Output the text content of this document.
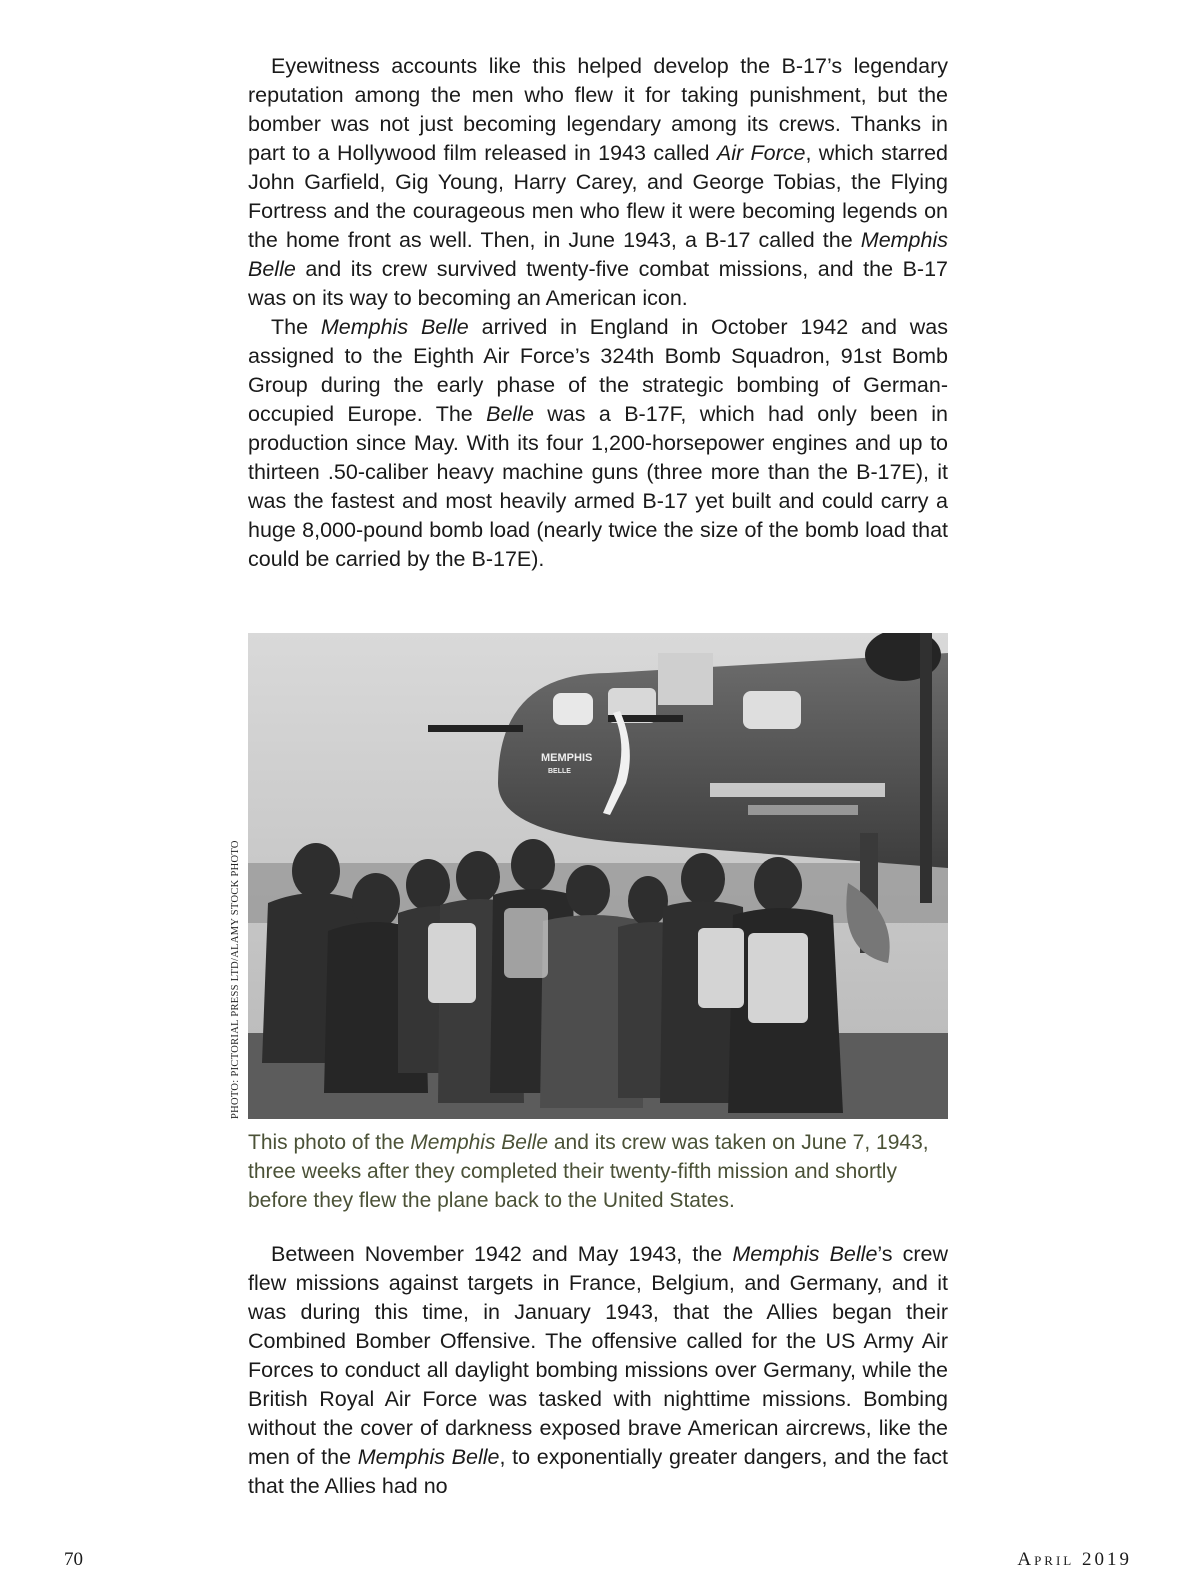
Eyewitness accounts like this helped develop the B-17’s legendary reputation among the men who flew it for taking punishment, but the bomber was not just becoming legendary among its crews. Thanks in part to a Hollywood film released in 1943 called Air Force, which starred John Garfield, Gig Young, Harry Carey, and George Tobias, the Flying Fortress and the courageous men who flew it were becoming legends on the home front as well. Then, in June 1943, a B-17 called the Memphis Belle and its crew survived twenty-five combat missions, and the B-17 was on its way to becoming an American icon.

The Memphis Belle arrived in England in October 1942 and was assigned to the Eighth Air Force’s 324th Bomb Squadron, 91st Bomb Group during the early phase of the strategic bombing of German-occupied Europe. The Belle was a B-17F, which had only been in production since May. With its four 1,200-horsepower engines and up to thirteen .50-caliber heavy machine guns (three more than the B-17E), it was the fastest and most heavily armed B-17 yet built and could carry a huge 8,000-pound bomb load (nearly twice the size of the bomb load that could be carried by the B-17E).

MEMPHIS
BELLE
PHOTO: PICTORIAL PRESS LTD/ALAMY STOCK PHOTO

This photo of the Memphis Belle and its crew was taken on June 7, 1943, three weeks after they completed their twenty-fifth mission and shortly before they flew the plane back to the United States.

Between November 1942 and May 1943, the Memphis Belle’s crew flew missions against targets in France, Belgium, and Germany, and it was during this time, in January 1943, that the Allies began their Combined Bomber Offensive. The offensive called for the US Army Air Forces to conduct all daylight bombing missions over Germany, while the British Royal Air Force was tasked with nighttime missions. Bombing without the cover of darkness exposed brave American aircrews, like the men of the Memphis Belle, to exponentially greater dangers, and the fact that the Allies had no

70	April 2019
